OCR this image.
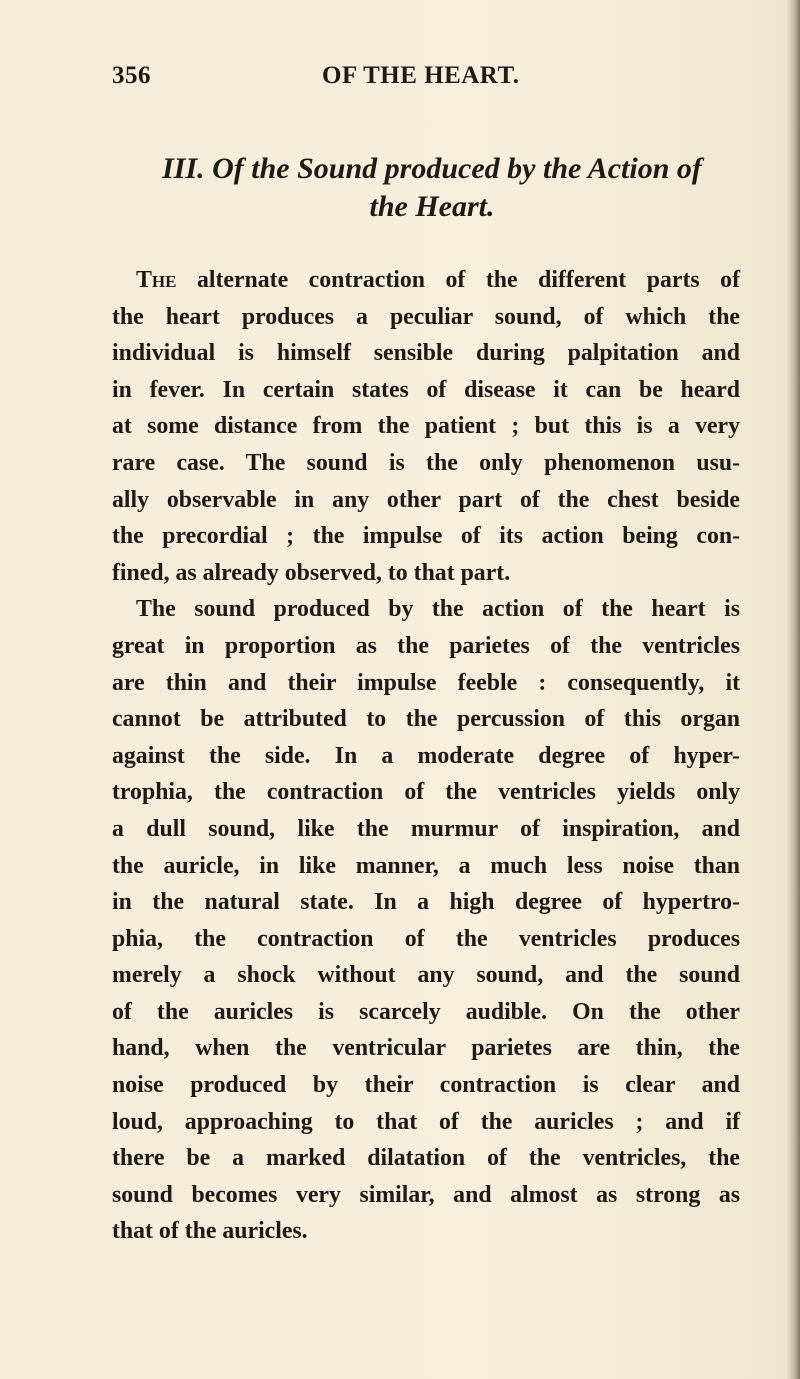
356	OF THE HEART.
III. Of the Sound produced by the Action of
the Heart.
The alternate contraction of the different parts of
the heart produces a peculiar sound, of which the
individual is himself sensible during palpitation and
in fever. In certain states of disease it can be heard
at some distance from the patient ; but this is a very
rare case. The sound is the only phenomenon usu-
ally observable in any other part of the chest beside
the precordial ; the impulse of its action being con-
fined, as already observed, to that part.
The sound produced by the action of the heart is
great in proportion as the parietes of the ventricles
are thin and their impulse feeble : consequently, it
cannot be attributed to the percussion of this organ
against the side. In a moderate degree of hyper-
trophia, the contraction of the ventricles yields only
a dull sound, like the murmur of inspiration, and
the auricle, in like manner, a much less noise than
in the natural state. In a high degree of hypertro-
phia, the contraction of the ventricles produces
merely a shock without any sound, and the sound
of the auricles is scarcely audible. On the other
hand, when the ventricular parietes are thin, the
noise produced by their contraction is clear and
loud, approaching to that of the auricles ; and if
there be a marked dilatation of the ventricles, the
sound becomes very similar, and almost as strong as
that of the auricles.
